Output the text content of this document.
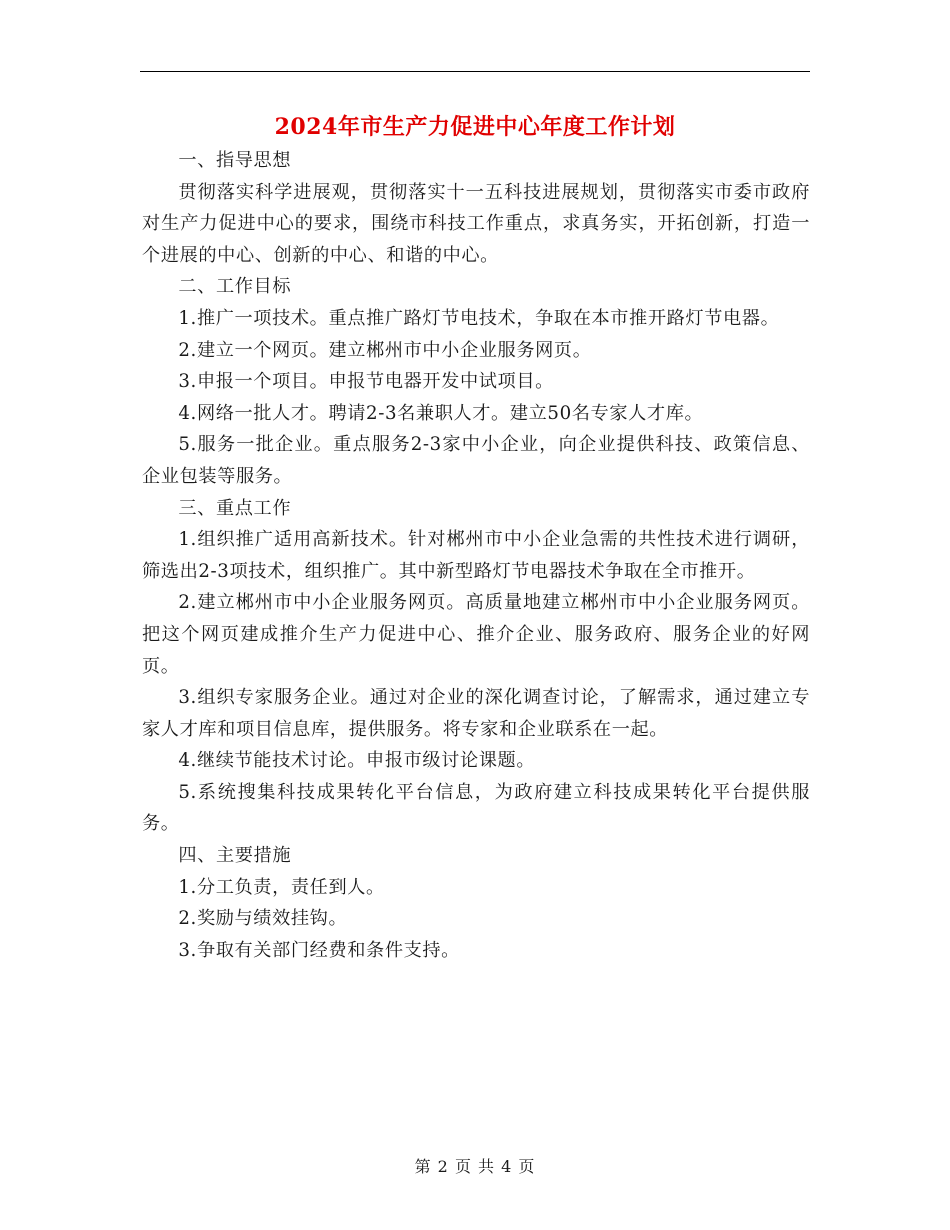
2024年市生产力促进中心年度工作计划

一、指导思想

贯彻落实科学进展观，贯彻落实十一五科技进展规划，贯彻落实市委市政府对生产力促进中心的要求，围绕市科技工作重点，求真务实，开拓创新，打造一个进展的中心、创新的中心、和谐的中心。

二、工作目标

1.推广一项技术。重点推广路灯节电技术，争取在本市推开路灯节电器。

2.建立一个网页。建立郴州市中小企业服务网页。

3.申报一个项目。申报节电器开发中试项目。

4.网络一批人才。聘请2-3名兼职人才。建立50名专家人才库。

5.服务一批企业。重点服务2-3家中小企业，向企业提供科技、政策信息、企业包装等服务。

三、重点工作

1.组织推广适用高新技术。针对郴州市中小企业急需的共性技术进行调研，筛选出2-3项技术，组织推广。其中新型路灯节电器技术争取在全市推开。

2.建立郴州市中小企业服务网页。高质量地建立郴州市中小企业服务网页。把这个网页建成推介生产力促进中心、推介企业、服务政府、服务企业的好网页。

3.组织专家服务企业。通过对企业的深化调查讨论，了解需求，通过建立专家人才库和项目信息库，提供服务。将专家和企业联系在一起。

4.继续节能技术讨论。申报市级讨论课题。

5.系统搜集科技成果转化平台信息，为政府建立科技成果转化平台提供服务。

四、主要措施

1.分工负责，责任到人。

2.奖励与绩效挂钩。

3.争取有关部门经费和条件支持。

第 2 页 共 4 页
